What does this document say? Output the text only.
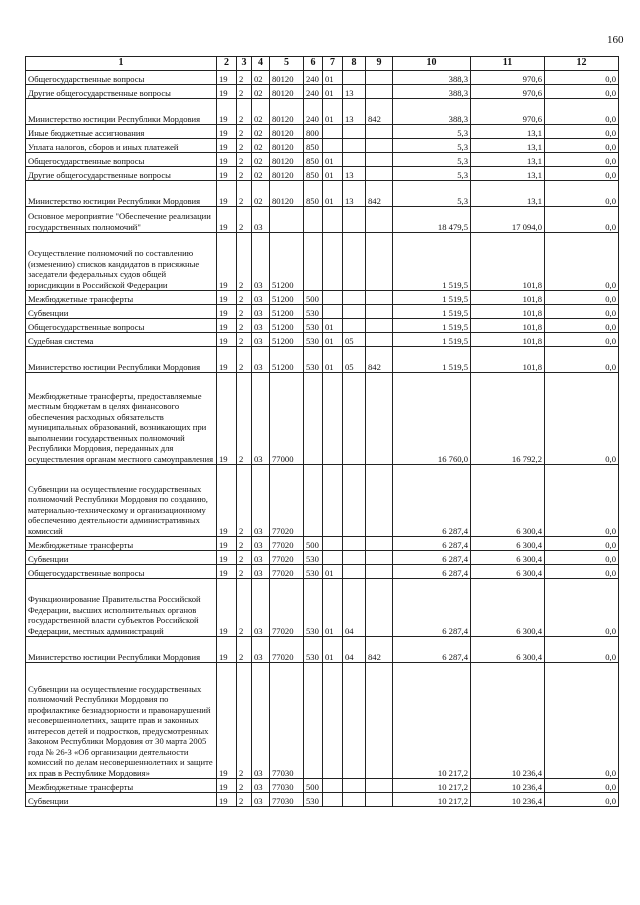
160
1	2	3	4	5	6	7	8	9	10	11	12
Общегосударственные вопросы	19	2	02	80120	240	01			388,3	970,6	0,0
Другие общегосударственные вопросы	19	2	02	80120	240	01	13		388,3	970,6	0,0
Министерство юстиции Республики Мордовия	19	2	02	80120	240	01	13	842	388,3	970,6	0,0
Иные бюджетные ассигнования	19	2	02	80120	800				5,3	13,1	0,0
Уплата налогов, сборов и иных платежей	19	2	02	80120	850				5,3	13,1	0,0
Общегосударственные вопросы	19	2	02	80120	850	01			5,3	13,1	0,0
Другие общегосударственные вопросы	19	2	02	80120	850	01	13		5,3	13,1	0,0
Министерство юстиции Республики Мордовия	19	2	02	80120	850	01	13	842	5,3	13,1	0,0
Основное мероприятие "Обеспечение реализации государственных полномочий"	19	2	03						18 479,5	17 094,0	0,0
Осуществление полномочий по составлению (изменению) списков кандидатов в присяжные заседатели федеральных судов общей юрисдикции в Российской Федерации	19	2	03	51200					1 519,5	101,8	0,0
Межбюджетные трансферты	19	2	03	51200	500				1 519,5	101,8	0,0
Субвенции	19	2	03	51200	530				1 519,5	101,8	0,0
Общегосударственные вопросы	19	2	03	51200	530	01			1 519,5	101,8	0,0
Судебная система	19	2	03	51200	530	01	05		1 519,5	101,8	0,0
Министерство юстиции Республики Мордовия	19	2	03	51200	530	01	05	842	1 519,5	101,8	0,0
Межбюджетные трансферты, предоставляемые местным бюджетам в целях финансового обеспечения расходных обязательств муниципальных образований, возникающих при выполнении государственных полномочий Республики Мордовия, переданных для осуществления органам местного самоуправления	19	2	03	77000					16 760,0	16 792,2	0,0
Субвенции на осуществление государственных полномочий Республики Мордовия по созданию, материально-техническому и организационному обеспечению деятельности административных комиссий	19	2	03	77020					6 287,4	6 300,4	0,0
Межбюджетные трансферты	19	2	03	77020	500				6 287,4	6 300,4	0,0
Субвенции	19	2	03	77020	530				6 287,4	6 300,4	0,0
Общегосударственные вопросы	19	2	03	77020	530	01			6 287,4	6 300,4	0,0
Функционирование Правительства Российской Федерации, высших исполнительных органов государственной власти субъектов Российской Федерации, местных администраций	19	2	03	77020	530	01	04		6 287,4	6 300,4	0,0
Министерство юстиции Республики Мордовия	19	2	03	77020	530	01	04	842	6 287,4	6 300,4	0,0
Субвенции на осуществление государственных полномочий Республики Мордовия по профилактике безнадзорности и правонарушений несовершеннолетних, защите прав и законных интересов детей и подростков, предусмотренных Законом Республики Мордовия от 30 марта 2005 года № 26-З «Об организации деятельности комиссий по делам несовершеннолетних и защите их прав в Республике Мордовия»	19	2	03	77030					10 217,2	10 236,4	0,0
Межбюджетные трансферты	19	2	03	77030	500				10 217,2	10 236,4	0,0
Субвенции	19	2	03	77030	530				10 217,2	10 236,4	0,0
